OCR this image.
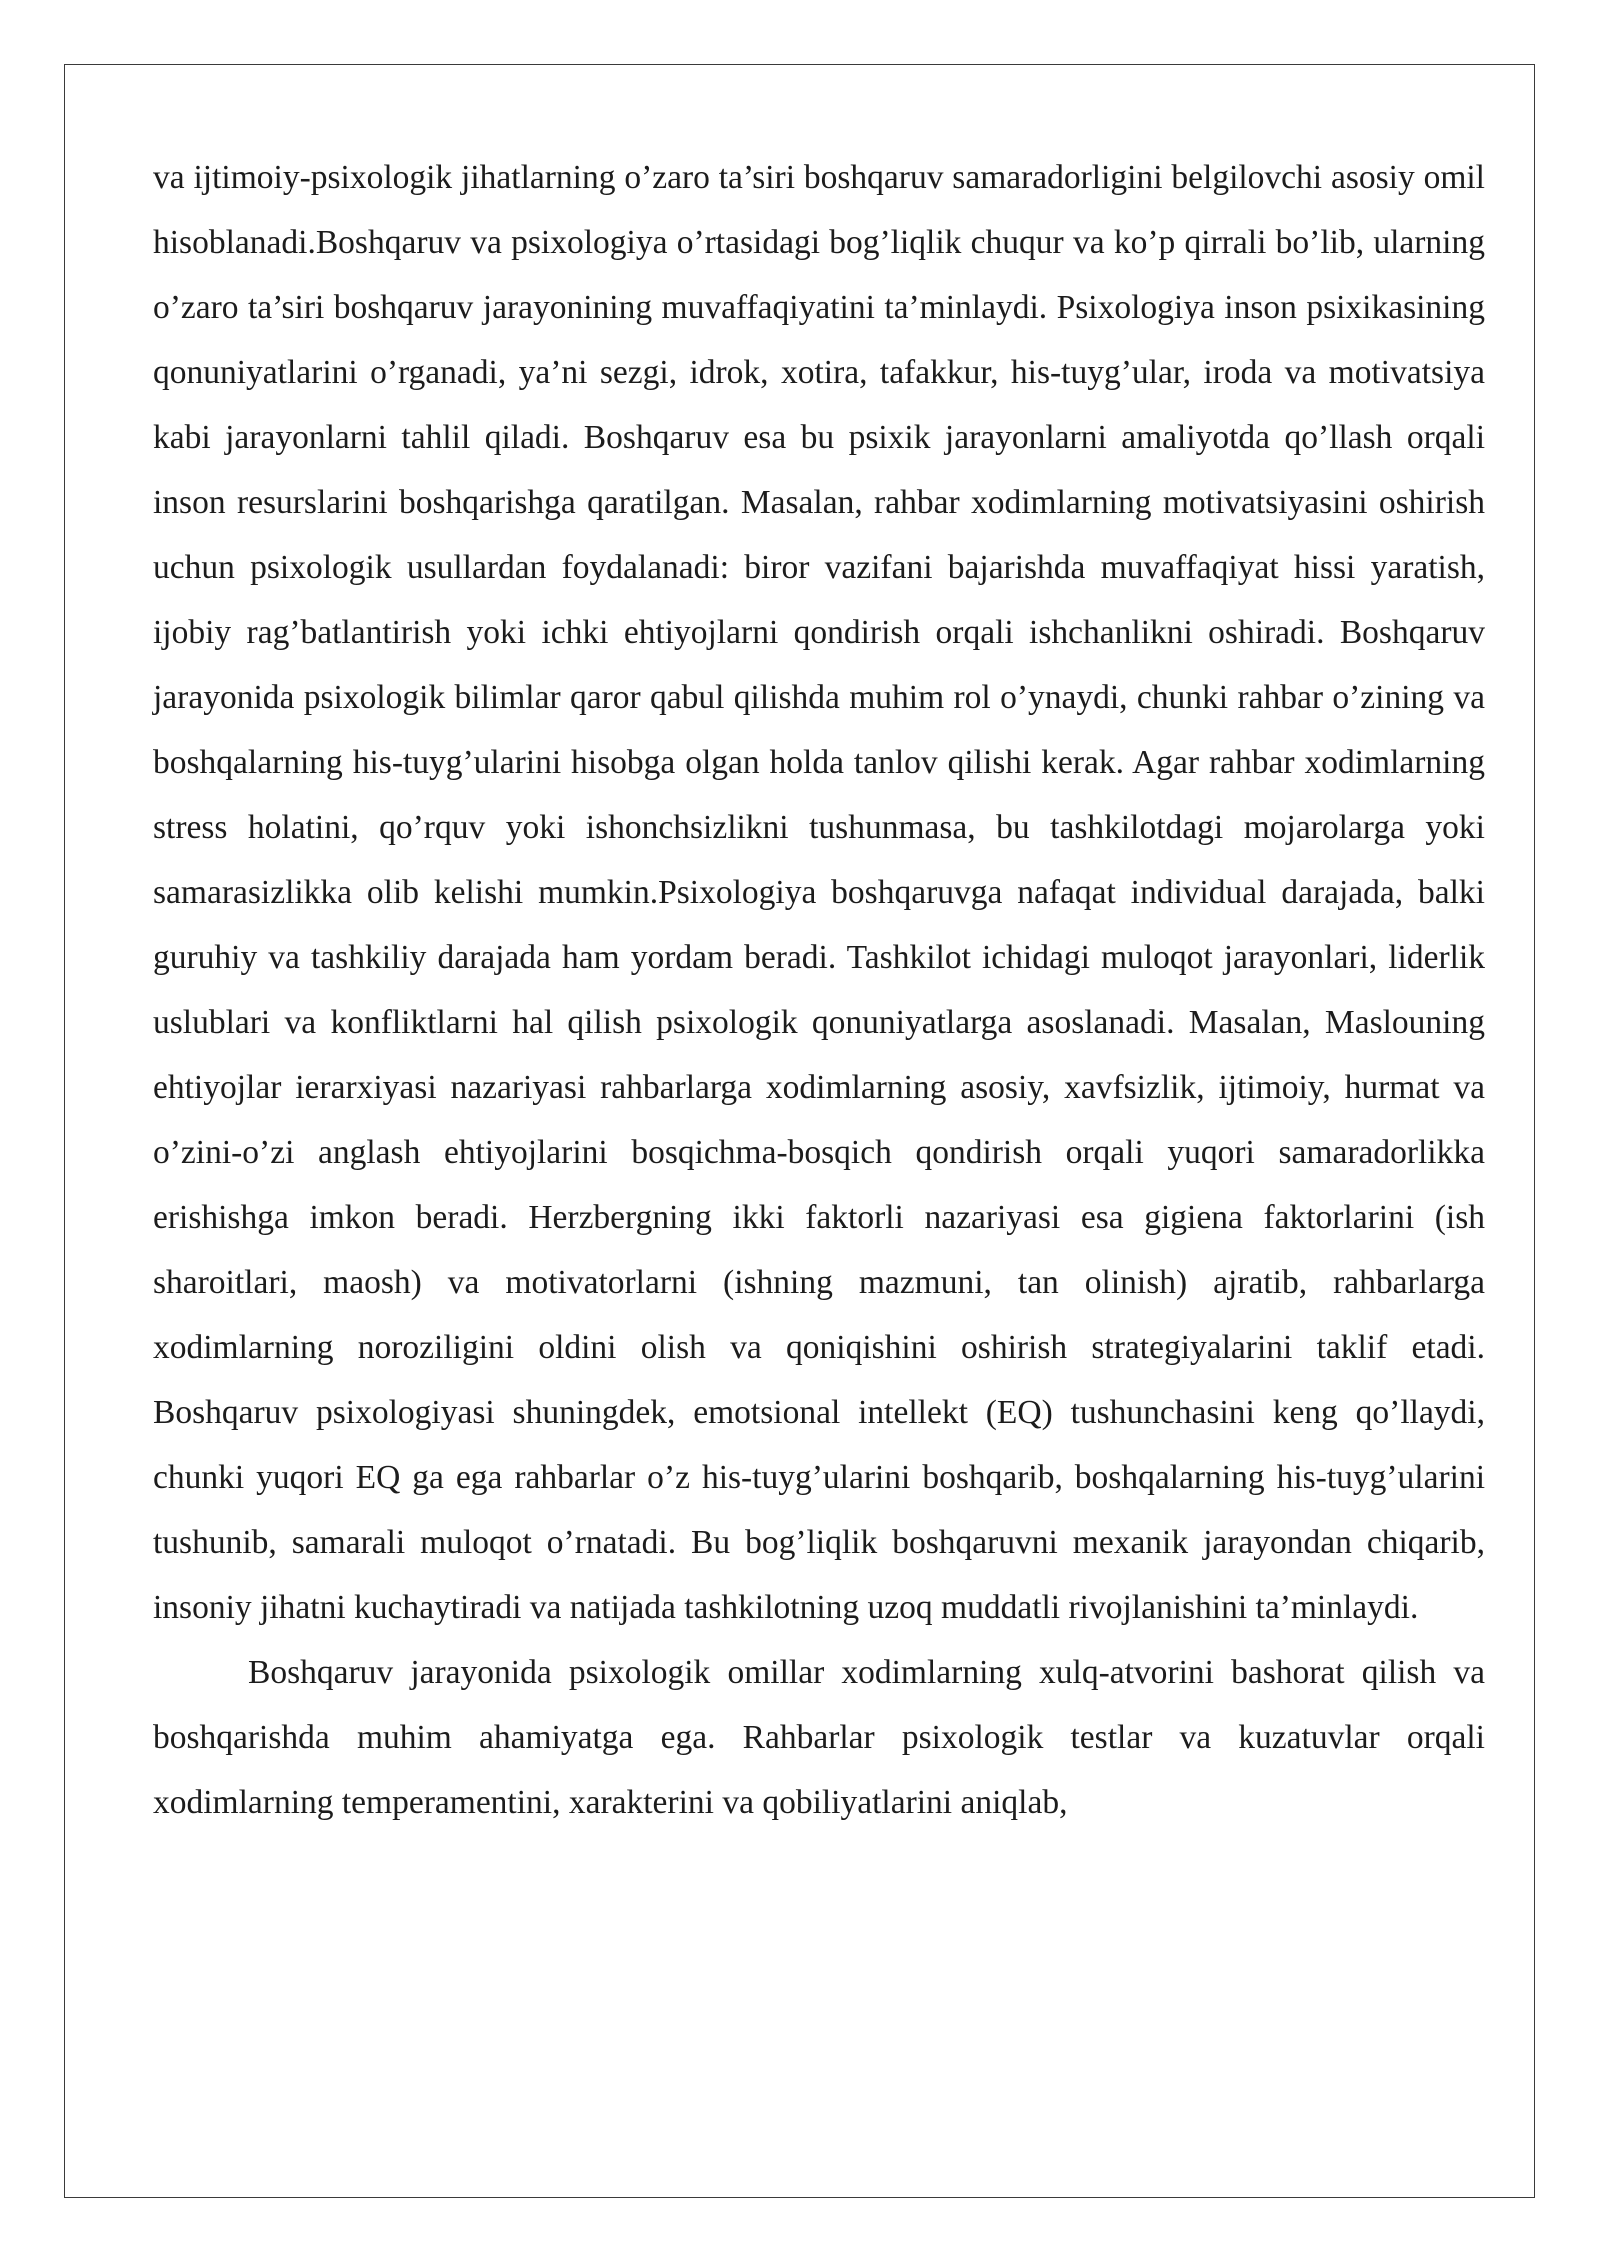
va ijtimoiy-psixologik jihatlarning o’zaro ta’siri boshqaruv samaradorligini belgilovchi asosiy omil hisoblanadi.Boshqaruv va psixologiya o’rtasidagi bog’liqlik chuqur va ko’p qirrali bo’lib, ularning o’zaro ta’siri boshqaruv jarayonining muvaffaqiyatini ta’minlaydi. Psixologiya inson psixikasining qonuniyatlarini o’rganadi, ya’ni sezgi, idrok, xotira, tafakkur, his-tuyg’ular, iroda va motivatsiya kabi jarayonlarni tahlil qiladi. Boshqaruv esa bu psixik jarayonlarni amaliyotda qo’llash orqali inson resurslarini boshqarishga qaratilgan. Masalan, rahbar xodimlarning motivatsiyasini oshirish uchun psixologik usullardan foydalanadi: biror vazifani bajarishda muvaffaqiyat hissi yaratish, ijobiy rag’batlantirish yoki ichki ehtiyojlarni qondirish orqali ishchanlikni oshiradi. Boshqaruv jarayonida psixologik bilimlar qaror qabul qilishda muhim rol o’ynaydi, chunki rahbar o’zining va boshqalarning his-tuyg’ularini hisobga olgan holda tanlov qilishi kerak. Agar rahbar xodimlarning stress holatini, qo’rquv yoki ishonchsizlikni tushunmasa, bu tashkilotdagi mojarolarga yoki samarasizlikka olib kelishi mumkin.Psixologiya boshqaruvga nafaqat individual darajada, balki guruhiy va tashkiliy darajada ham yordam beradi. Tashkilot ichidagi muloqot jarayonlari, liderlik uslublari va konfliktlarni hal qilish psixologik qonuniyatlarga asoslanadi. Masalan, Maslouning ehtiyojlar ierarxiyasi nazariyasi rahbarlarga xodimlarning asosiy, xavfsizlik, ijtimoiy, hurmat va o’zini-o’zi anglash ehtiyojlarini bosqichma-bosqich qondirish orqali yuqori samaradorlikka erishishga imkon beradi. Herzbergning ikki faktorli nazariyasi esa gigiena faktorlarini (ish sharoitlari, maosh) va motivatorlarni (ishning mazmuni, tan olinish) ajratib, rahbarlarga xodimlarning noroziligini oldini olish va qoniqishini oshirish strategiyalarini taklif etadi. Boshqaruv psixologiyasi shuningdek, emotsional intellekt (EQ) tushunchasini keng qo’llaydi, chunki yuqori EQ ga ega rahbarlar o’z his-tuyg’ularini boshqarib, boshqalarning his-tuyg’ularini tushunib, samarali muloqot o’rnatadi. Bu bog’liqlik boshqaruvni mexanik jarayondan chiqarib, insoniy jihatni kuchaytiradi va natijada tashkilotning uzoq muddatli rivojlanishini ta’minlaydi.

Boshqaruv jarayonida psixologik omillar xodimlarning xulq-atvorini bashorat qilish va boshqarishda muhim ahamiyatga ega. Rahbarlar psixologik testlar va kuzatuvlar orqali xodimlarning temperamentini, xarakterini va qobiliyatlarini aniqlab,
